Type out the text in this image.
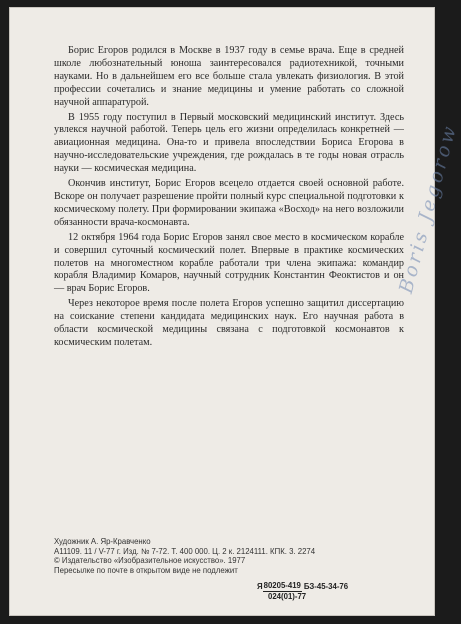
Борис Егоров родился в Москве в 1937 году в семье врача. Еще в средней школе любознательный юноша заинтересовался радиотехникой, точными науками. Но в дальнейшем его все больше стала увлекать физиология. В этой профессии сочетались и знание медицины и умение работать со сложной научной аппаратурой.

В 1955 году поступил в Первый московский медицинский институт. Здесь увлекся научной работой. Теперь цель его жизни определилась конкретней — авиационная медицина. Она-то и привела впоследствии Бориса Егорова в научно-исследовательские учреждения, где рождалась в те годы новая отрасль науки — космическая медицина.

Окончив институт, Борис Егоров всецело отдается своей основной работе. Вскоре он получает разрешение пройти полный курс специальной подготовки к космическому полету. При формировании экипажа «Восход» на него возложили обязанности врача-космонавта.

12 октября 1964 года Борис Егоров занял свое место в космическом корабле и совершил суточный космический полет. Впервые в практике космических полетов на многоместном корабле работали три члена экипажа: командир корабля Владимир Комаров, научный сотрудник Константин Феоктистов и он — врач Борис Егоров.

Через некоторое время после полета Егоров успешно защитил диссертацию на соискание степени кандидата медицинских наук. Его научная работа в области космической медицины связана с подготовкой космонавтов к космическим полетам.

Boris Jegorow
Художник А. Яр-Кравченко
А11109. 11 / V-77 г. Изд. № 7-72. Т. 400 000. Ц. 2 к. 2124111. КПК. 3. 2274
© Издательство «Изобразительное искусство». 1977
Пересылке по почте в открытом виде не подлежит
Я 80205-419 БЗ-45-34-76
024(01)-77
